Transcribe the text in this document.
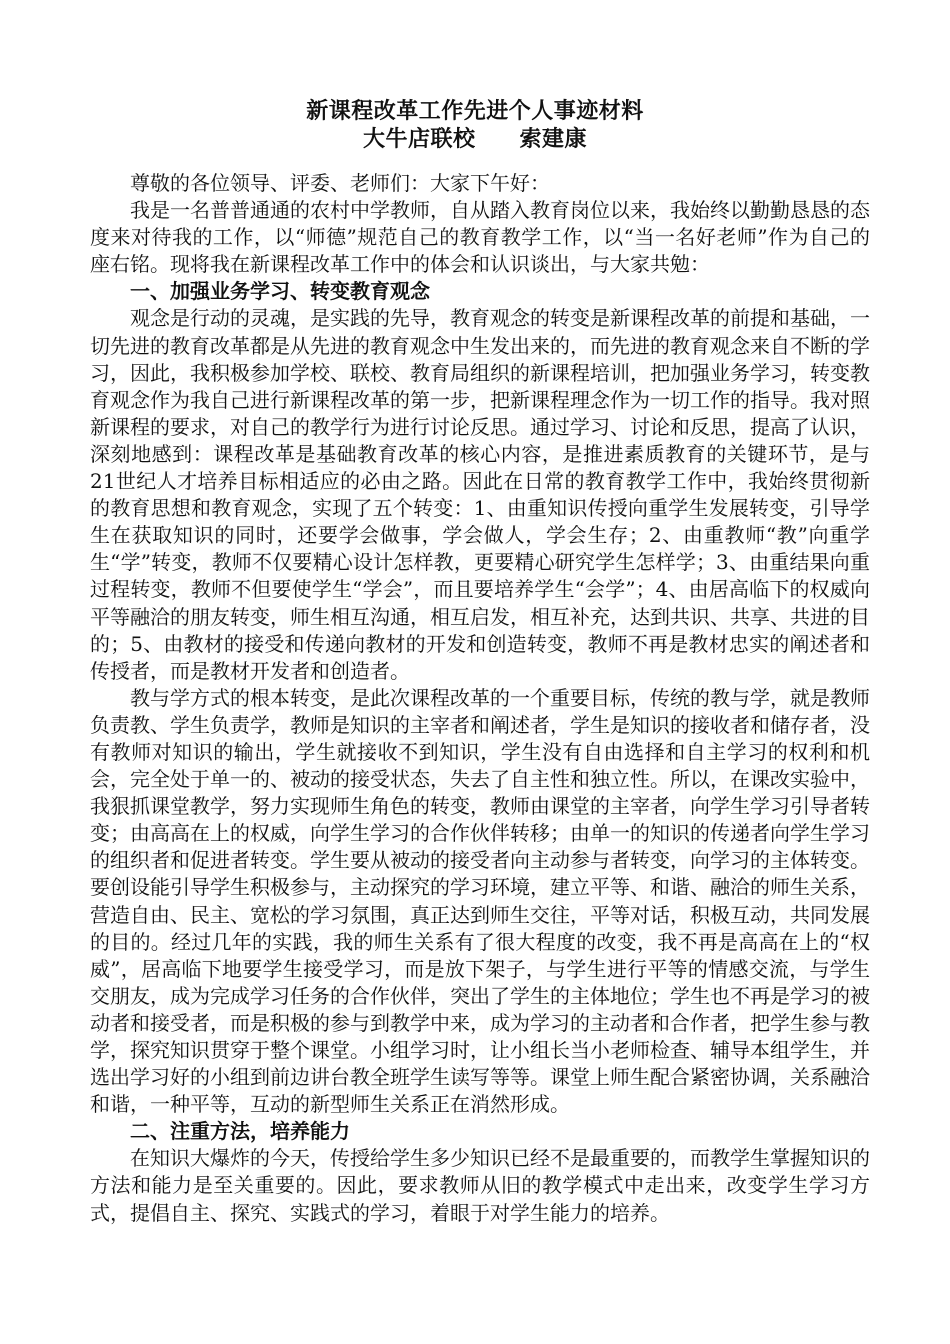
新课程改革工作先进个人事迹材料
大牛店联校 索建康

尊敬的各位领导、评委、老师们：大家下午好：

我是一名普普通通的农村中学教师，自从踏入教育岗位以来，我始终以勤勤恳恳的态度来对待我的工作，以“师德”规范自己的教育教学工作，以“当一名好老师”作为自己的座右铭。现将我在新课程改革工作中的体会和认识谈出，与大家共勉：

一、加强业务学习、转变教育观念

观念是行动的灵魂，是实践的先导，教育观念的转变是新课程改革的前提和基础，一切先进的教育改革都是从先进的教育观念中生发出来的，而先进的教育观念来自不断的学习，因此，我积极参加学校、联校、教育局组织的新课程培训，把加强业务学习，转变教育观念作为我自己进行新课程改革的第一步，把新课程理念作为一切工作的指导。我对照新课程的要求，对自己的教学行为进行讨论反思。通过学习、讨论和反思，提高了认识，深刻地感到：课程改革是基础教育改革的核心内容，是推进素质教育的关键环节，是与21世纪人才培养目标相适应的必由之路。因此在日常的教育教学工作中，我始终贯彻新的教育思想和教育观念，实现了五个转变：1、由重知识传授向重学生发展转变，引导学生在获取知识的同时，还要学会做事，学会做人，学会生存；2、由重教师“教”向重学生“学”转变，教师不仅要精心设计怎样教，更要精心研究学生怎样学；3、由重结果向重过程转变，教师不但要使学生“学会”，而且要培养学生“会学”；4、由居高临下的权威向平等融洽的朋友转变，师生相互沟通，相互启发，相互补充，达到共识、共享、共进的目的；5、由教材的接受和传递向教材的开发和创造转变，教师不再是教材忠实的阐述者和传授者，而是教材开发者和创造者。

教与学方式的根本转变，是此次课程改革的一个重要目标，传统的教与学，就是教师负责教、学生负责学，教师是知识的主宰者和阐述者，学生是知识的接收者和储存者，没有教师对知识的输出，学生就接收不到知识，学生没有自由选择和自主学习的权利和机会，完全处于单一的、被动的接受状态，失去了自主性和独立性。所以，在课改实验中，我狠抓课堂教学，努力实现师生角色的转变，教师由课堂的主宰者，向学生学习引导者转变；由高高在上的权威，向学生学习的合作伙伴转移；由单一的知识的传递者向学生学习的组织者和促进者转变。学生要从被动的接受者向主动参与者转变，向学习的主体转变。要创设能引导学生积极参与，主动探究的学习环境，建立平等、和谐、融洽的师生关系，营造自由、民主、宽松的学习氛围，真正达到师生交往，平等对话，积极互动，共同发展的目的。经过几年的实践，我的师生关系有了很大程度的改变，我不再是高高在上的“权威”，居高临下地要学生接受学习，而是放下架子，与学生进行平等的情感交流，与学生交朋友，成为完成学习任务的合作伙伴，突出了学生的主体地位；学生也不再是学习的被动者和接受者，而是积极的参与到教学中来，成为学习的主动者和合作者，把学生参与教学，探究知识贯穿于整个课堂。小组学习时，让小组长当小老师检查、辅导本组学生，并选出学习好的小组到前边讲台教全班学生读写等等。课堂上师生配合紧密协调，关系融洽和谐，一种平等，互动的新型师生关系正在消然形成。

二、注重方法，培养能力

在知识大爆炸的今天，传授给学生多少知识已经不是最重要的，而教学生掌握知识的方法和能力是至关重要的。因此，要求教师从旧的教学模式中走出来，改变学生学习方式，提倡自主、探究、实践式的学习，着眼于对学生能力的培养。
